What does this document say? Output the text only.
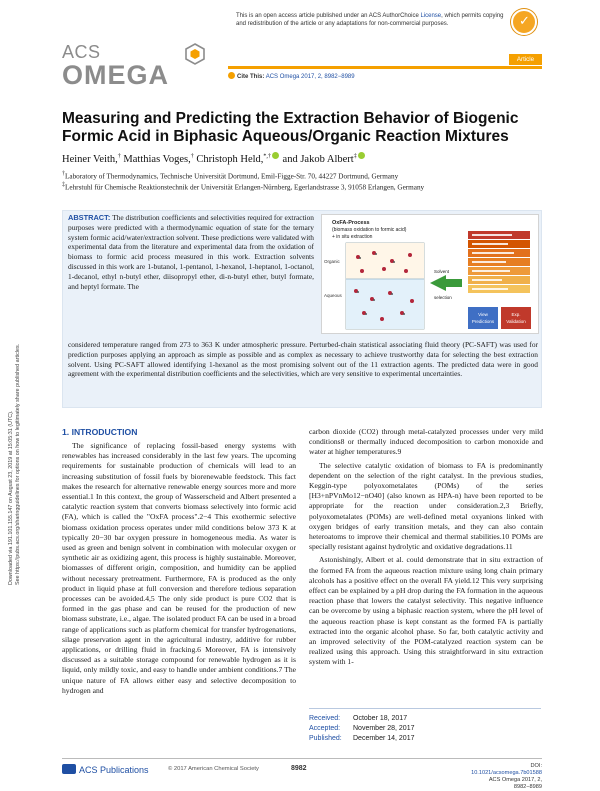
Downloaded via 191.101.155.147 on August 23, 2019 at 15:05:31 (UTC). See https://pubs.acs.org/sharingguidelines for options on how to legitimately share published articles.
This is an open access article published under an ACS AuthorChoice License, which permits copying and redistribution of the article or any adaptations for non-commercial purposes.
✓
ACS
OMEGA
Article
Cite This: ACS Omega 2017, 2, 8982−8989
Measuring and Predicting the Extraction Behavior of Biogenic Formic Acid in Biphasic Aqueous/Organic Reaction Mixtures
Heiner Veith,† Matthias Voges,† Christoph Held,*,† and Jakob Albert‡
†Laboratory of Thermodynamics, Technische Universität Dortmund, Emil-Figge-Str. 70, 44227 Dortmund, Germany
‡Lehrstuhl für Chemische Reaktionstechnik der Universität Erlangen-Nürnberg, Egerlandstrasse 3, 91058 Erlangen, Germany
ABSTRACT: The distribution coefficients and selectivities required for extraction purposes were predicted with a thermodynamic equation of state for the ternary system formic acid/water/extraction solvent. These predictions were validated with experimental data from the literature and experimental data from the oxidation of biomass to formic acid process measured in this work. Extraction solvents discussed in this work are 1-butanol, 1-pentanol, 1-hexanol, 1-heptanol, 1-octanol, 1-decanol, ethyl n-butyl ether, diisopropyl ether, di-n-butyl ether, butyl formate, and heptyl formate. The
considered temperature ranged from 273 to 363 K under atmospheric pressure. Perturbed-chain statistical associating fluid theory (PC-SAFT) was used for prediction purposes applying an approach as simple as possible and as complex as necessary to achieve trustworthy data for selecting the best extraction solvent. Using PC-SAFT allowed identifying 1-hexanol as the most promising solvent out of the 11 extraction agents. The predicted data were in good agreement with the experimental distribution coefficients and the selectivities, which are very sensitive to experimental uncertainties.
OxFA-Process
(biomass oxidation to formic acid)
+ in situ extraction
Organic
Aqueous
Solvent
selection
View
Predictions
Exp.
Validation
1. INTRODUCTION

The significance of replacing fossil-based energy systems with renewables has increased considerably in the last few years. The upcoming requirements for sustainable production of chemicals will lead to an increasing substitution of fossil fuels by biorenewable feedstock. This fact makes the research for alternative renewable energy sources more and more essential.1 In this context, the group of Wasserscheid and Albert presented a catalytic reaction system that converts biomass selectively into formic acid (FA), which is called the "OxFA process".2−4 This exothermic selective biomass oxidation process operates under mild conditions below 373 K at typically 20−30 bar oxygen pressure in homogeneous media. As water is used as green and benign solvent in combination with molecular oxygen or synthetic air as oxidizing agent, this process is highly sustainable. Moreover, biomasses of different origin, composition, and humidity can be applied without necessary pretreatment. Furthermore, FA is produced as the only product in liquid phase at full conversion and therefore tedious separation processes can be avoided.4,5 The only side product is pure CO2 that is formed in the gas phase and can be reused for the production of new biomass substrate, i.e., algae. The isolated product FA can be used in a broad range of applications such as platform chemical for transfer hydrogenations, silage preservation agent in the agricultural industry, additive for rubber applications, or drilling fluid in fracking.6 Moreover, FA is intensively discussed as a suitable storage compound for renewable hydrogen as it is liquid, only mildly toxic, and easy to handle under ambient conditions.7 The unique nature of FA allows either easy and selective decomposition to hydrogen and

carbon dioxide (CO2) through metal-catalyzed processes under very mild conditions8 or thermally induced decomposition to carbon monoxide and water at higher temperatures.9

The selective catalytic oxidation of biomass to FA is predominantly dependent on the selection of the right catalyst. In the previous studies, Keggin-type polyoxometalates (POMs) of the series [H3+nPVnMo12−nO40] (also known as HPA-n) have been reported to be appropriate for the reaction under consideration.2,3 Briefly, polyoxometalates (POMs) are well-defined metal oxyanions linked with oxygen bridges of early transition metals, and they can also contain heteroatoms to improve their chemical and thermal stabilities.10 POMs are specially resistant against hydrolytic and oxidative degradations.11

Astonishingly, Albert et al. could demonstrate that in situ extraction of the formed FA from the aqueous reaction mixture using long chain primary alcohols has a positive effect on the overall FA yield.12 This very surprising effect can be explained by a pH drop during the FA formation in the aqueous reaction phase that lowers the catalyst selectivity. This negative influence can be overcome by using a biphasic reaction system, where the pH level of the aqueous reaction phase is kept constant as the formed FA is partially extracted into the organic alcohol phase. So far, both catalytic activity and an improved selectivity of the POM-catalyzed reaction system can be realized using this approach. Using this straightforward in situ extraction system with 1-

Received: October 18, 2017
Accepted: November 28, 2017
Published: December 14, 2017
ACS Publications	© 2017 American Chemical Society	8982	DOI: 10.1021/acsomega.7b01588
ACS Omega 2017, 2, 8982−8989
